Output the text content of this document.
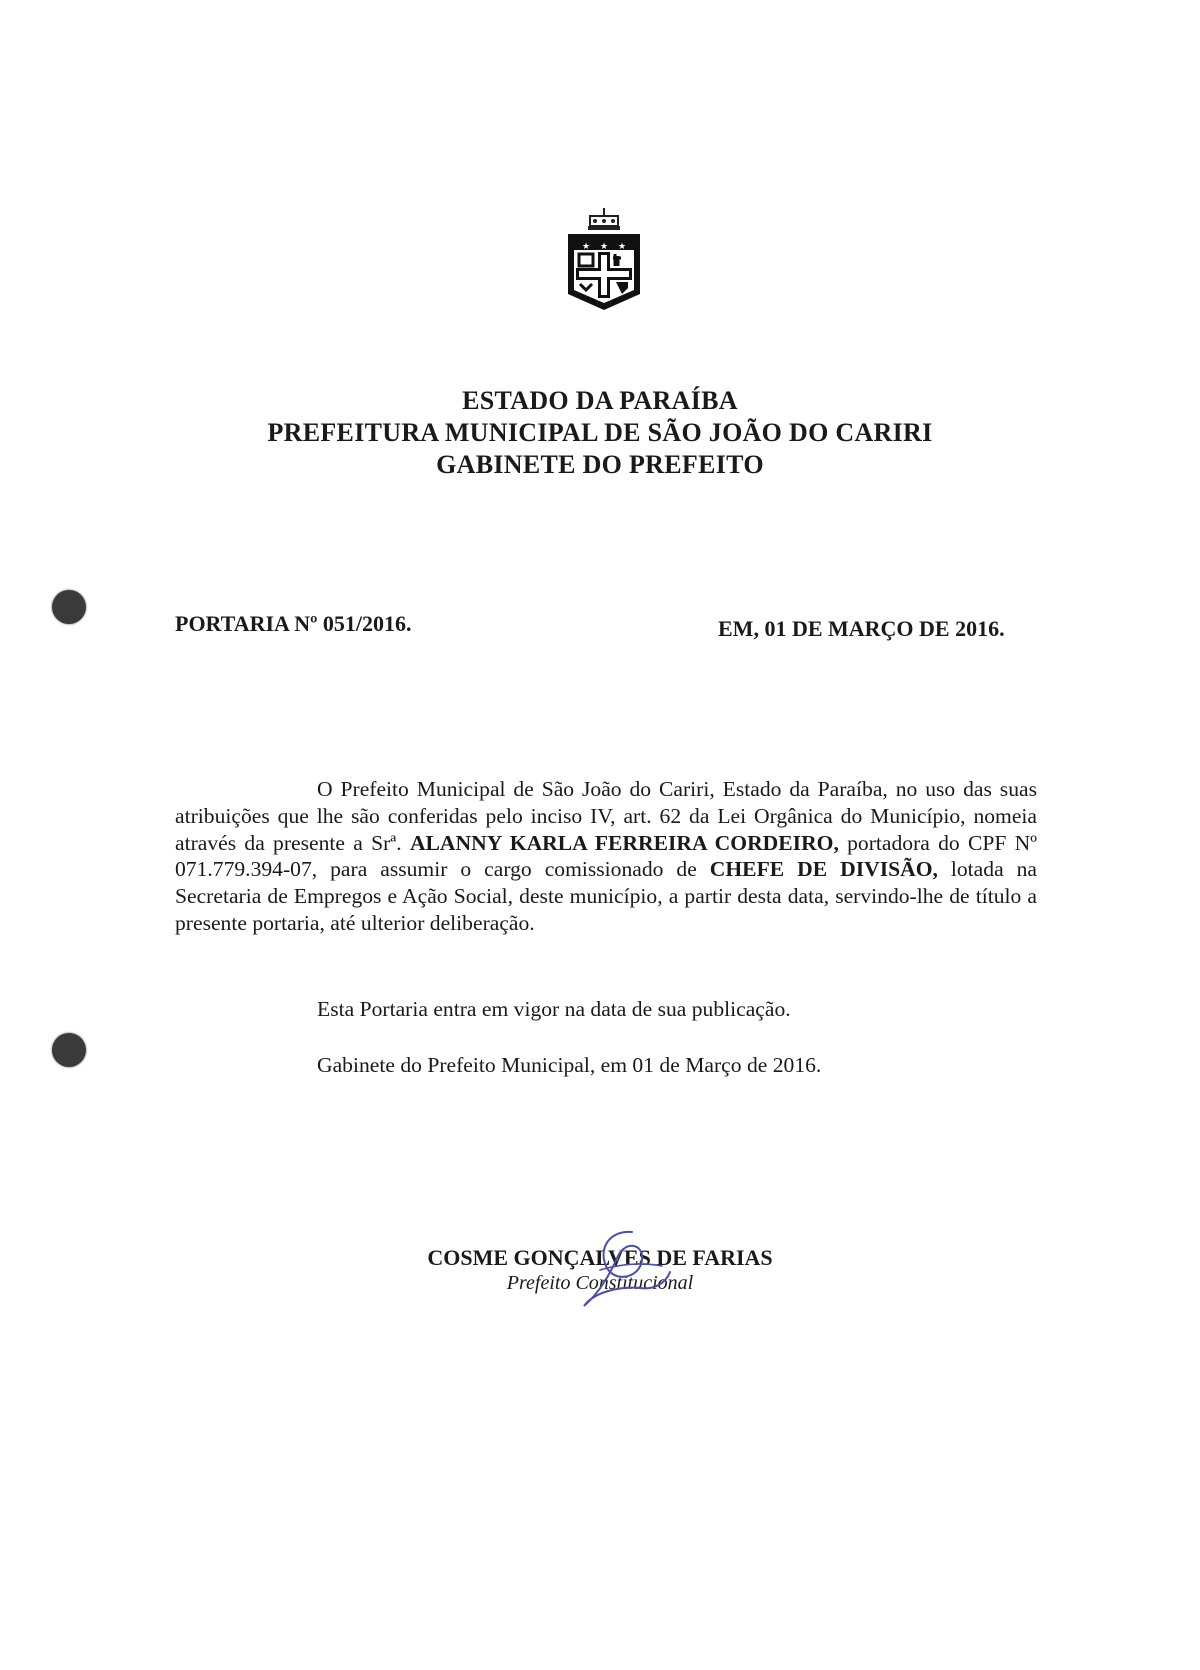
★ ★ ★
ESTADO DA PARAÍBA
PREFEITURA MUNICIPAL DE SÃO JOÃO DO CARIRI
GABINETE DO PREFEITO
PORTARIA Nº 051/2016.	EM, 01 DE MARÇO DE 2016.
O Prefeito Municipal de São João do Cariri, Estado da Paraíba, no uso das suas atribuições que lhe são conferidas pelo inciso IV, art. 62 da Lei Orgânica do Município, nomeia através da presente a Srª. ALANNY KARLA FERREIRA CORDEIRO, portadora do CPF Nº 071.779.394-07, para assumir o cargo comissionado de CHEFE DE DIVISÃO, lotada na Secretaria de Empregos e Ação Social, deste município, a partir desta data, servindo-lhe de título a presente portaria, até ulterior deliberação.
Esta Portaria entra em vigor na data de sua publicação.
Gabinete do Prefeito Municipal, em 01 de Março de 2016.
COSME GONÇALVES DE FARIAS
Prefeito Constitucional
